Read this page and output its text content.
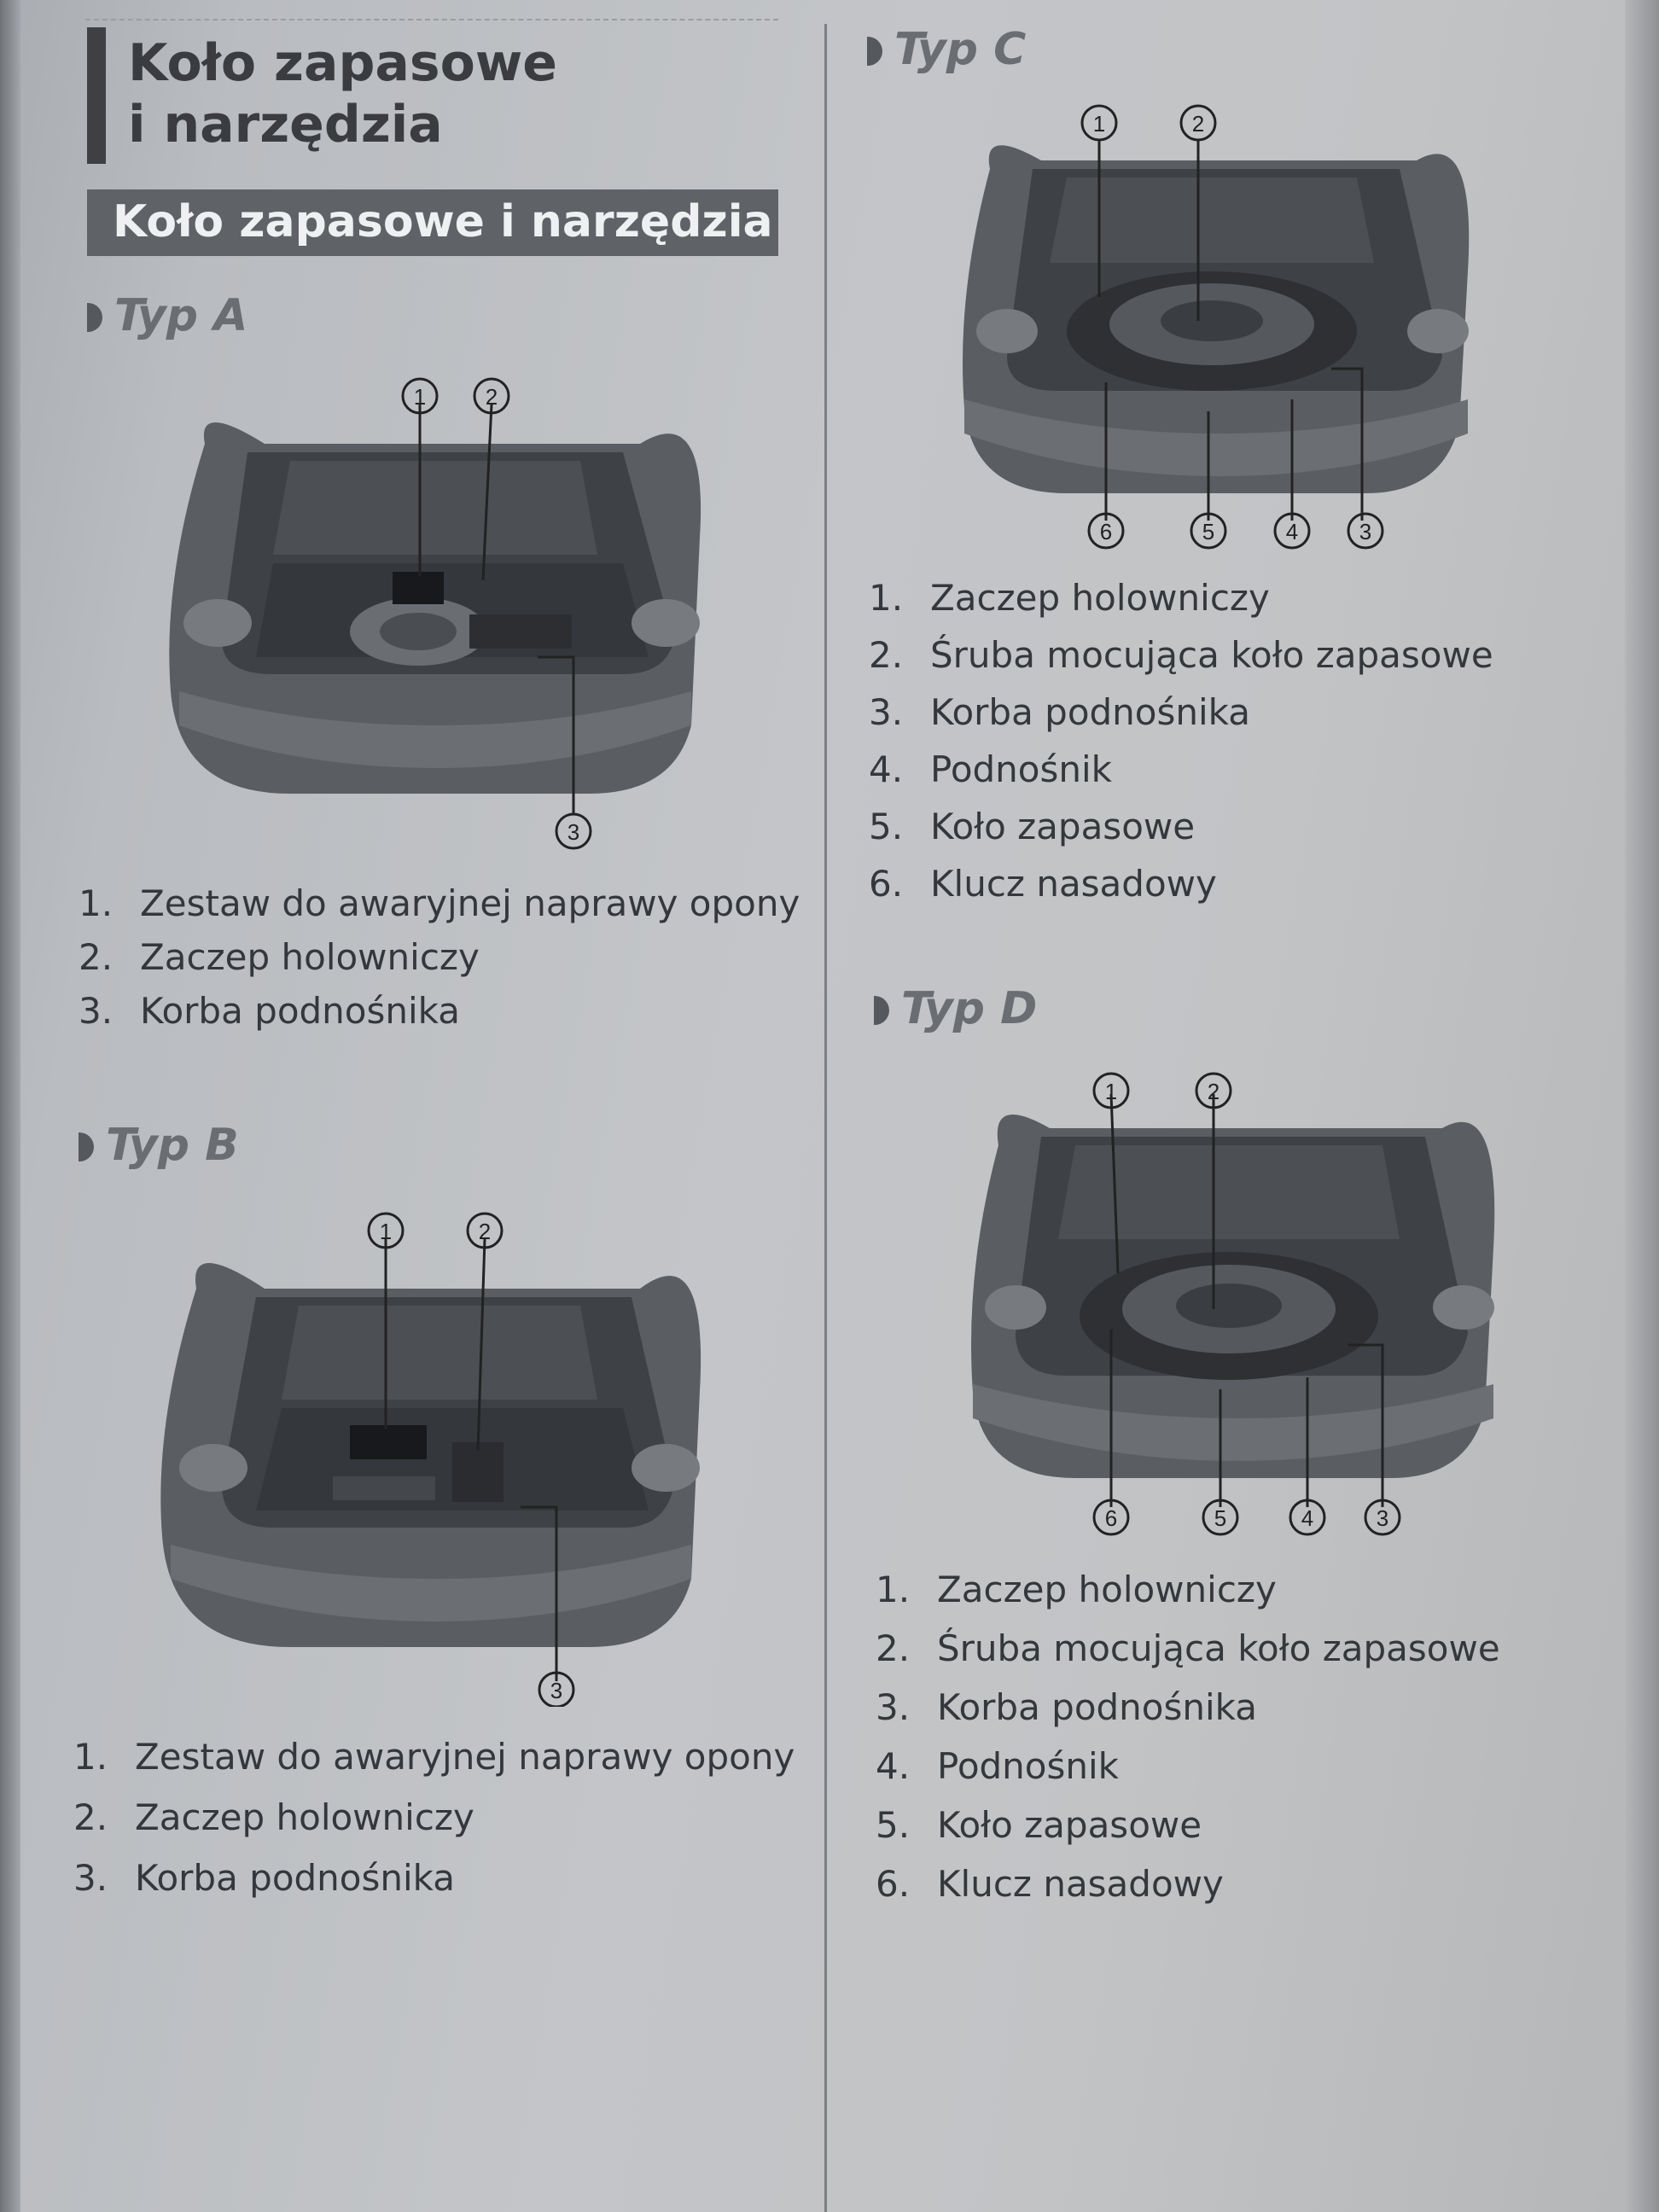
Koło zapasowe
i narzędzia
Koło zapasowe i narzędzia
Typ A
1	2
3
1. Zestaw do awaryjnej naprawy opony
2. Zaczep holowniczy
3. Korba podnośnika
Typ B
1	2
3
1. Zestaw do awaryjnej naprawy opony
2. Zaczep holowniczy
3. Korba podnośnika
Typ C
1	2
3
4
5
6
1. Zaczep holowniczy
2. Śruba mocująca koło zapasowe
3. Korba podnośnika
4. Podnośnik
5. Koło zapasowe
6. Klucz nasadowy
Typ D
1	2
3
4
5
6
1. Zaczep holowniczy
2. Śruba mocująca koło zapasowe
3. Korba podnośnika
4. Podnośnik
5. Koło zapasowe
6. Klucz nasadowy
